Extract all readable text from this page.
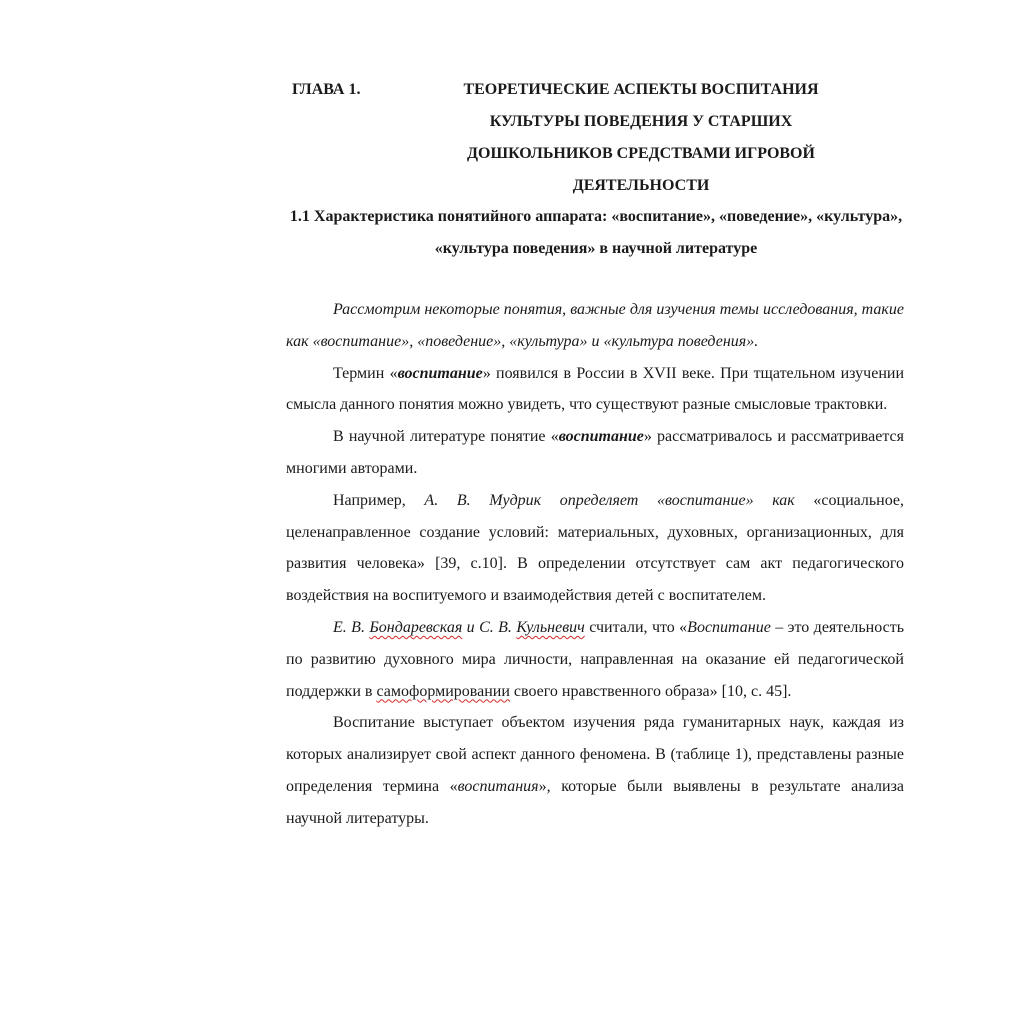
ГЛАВА 1.	ТЕОРЕТИЧЕСКИЕ АСПЕКТЫ ВОСПИТАНИЯ КУЛЬТУРЫ ПОВЕДЕНИЯ У СТАРШИХ ДОШКОЛЬНИКОВ СРЕДСТВАМИ ИГРОВОЙ ДЕЯТЕЛЬНОСТИ
1.1 Характеристика понятийного аппарата: «воспитание», «поведение», «культура», «культура поведения» в научной литературе

Рассмотрим некоторые понятия, важные для изучения темы исследования, такие как «воспитание», «поведение», «культура» и «культура поведения».

Термин «воспитание» появился в России в XVII веке. При тщательном изучении смысла данного понятия можно увидеть, что существуют разные смысловые трактовки.

В научной литературе понятие «воспитание» рассматривалось и рассматривается многими авторами.

Например, А. В. Мудрик определяет «воспитание» как «социальное, целенаправленное создание условий: материальных, духовных, организационных, для развития человека» [39, с.10]. В определении отсутствует сам акт педагогического воздействия на воспитуемого и взаимодействия детей с воспитателем.

Е. В. Бондаревская и С. В. Кульневич считали, что «Воспитание – это деятельность по развитию духовного мира личности, направленная на оказание ей педагогической поддержки в самоформировании своего нравственного образа» [10, с. 45].

Воспитание выступает объектом изучения ряда гуманитарных наук, каждая из которых анализирует свой аспект данного феномена. В (таблице 1), представлены разные определения термина «воспитания», которые были выявлены в результате анализа научной литературы.
